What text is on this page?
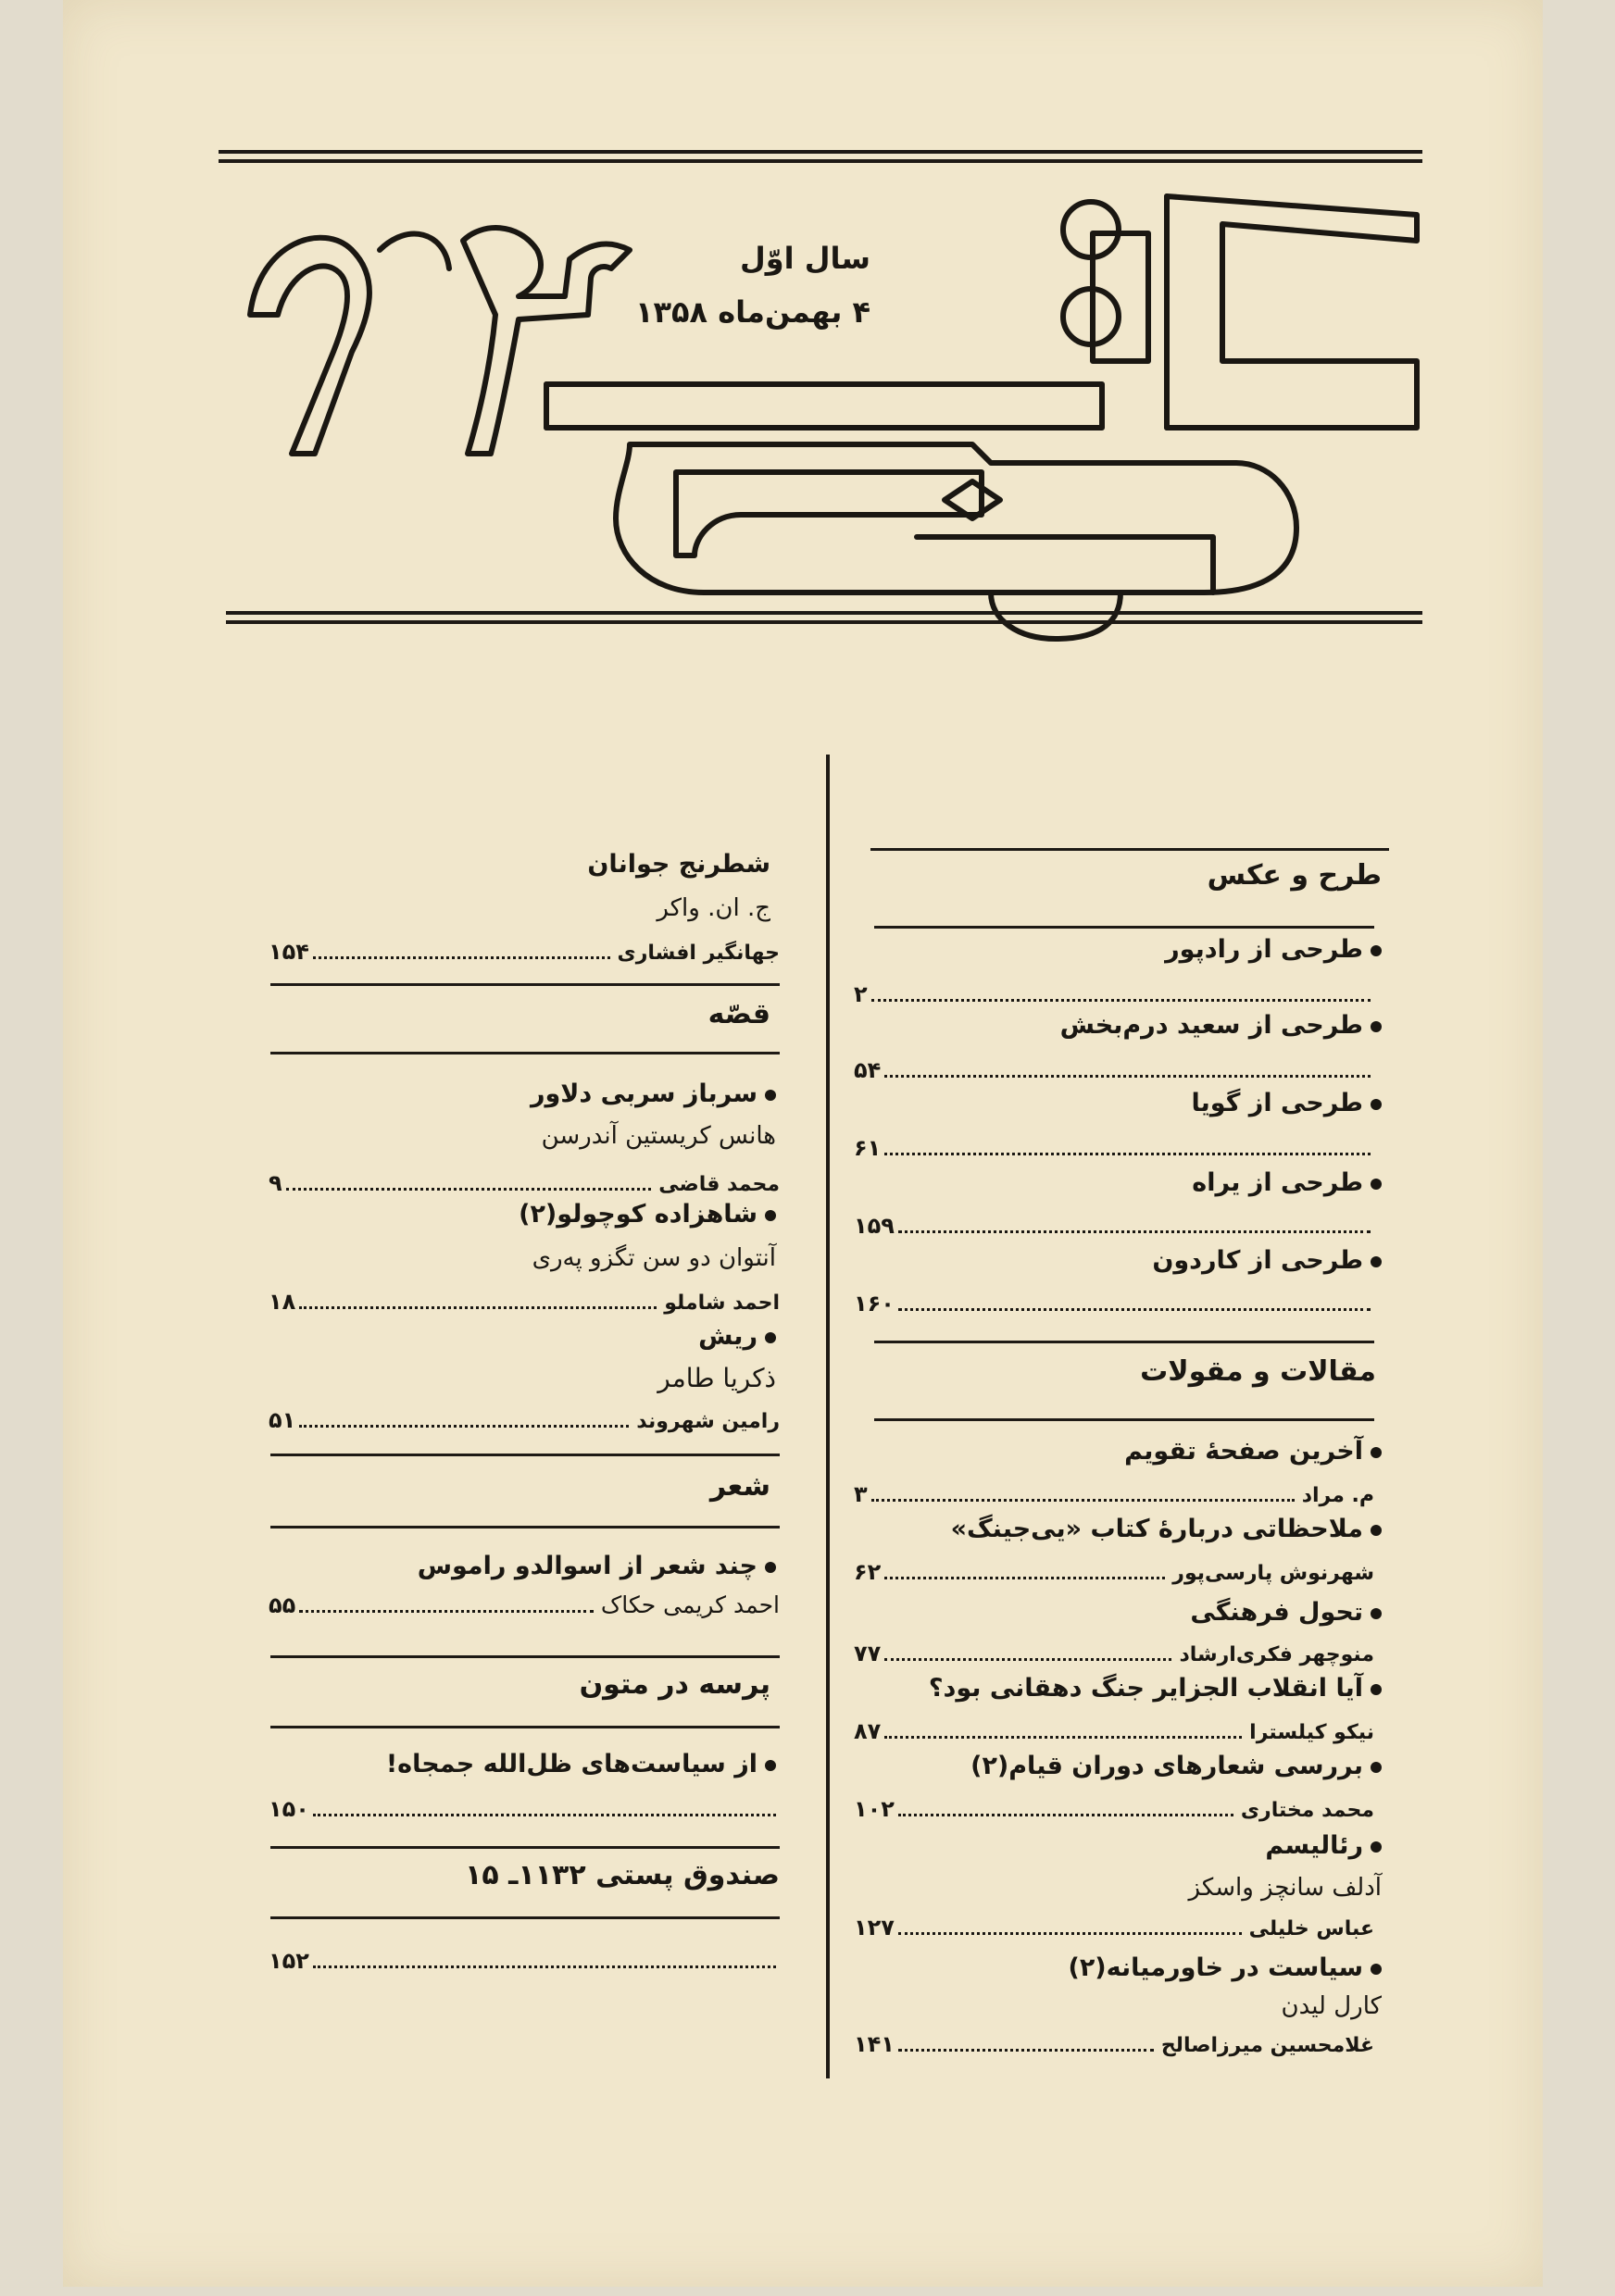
سال اوّل
۴ بهمن‌ماه ۱۳۵۸
طرح و عکس
طرحی از رادپور
۲
طرحی از سعید درم‌بخش
۵۴
طرحی از گویا
۶۱
طرحی از یراه
۱۵۹
طرحی از کاردون
۱۶۰
مقالات و مقولات
آخرین صفحهٔ تقویم
۳	م. مراد
ملاحظاتی دربارهٔ کتاب «یی‌جینگ»
۶۲	شهرنوش پارسی‌پور
تحول فرهنگی
۷۷	منوچهر فکری‌ارشاد
آیا انقلاب الجزایر جنگ دهقانی بود؟
۸۷	نیکو کیلسترا
بررسی شعارهای دوران قیام(۲)
۱۰۲	محمد مختاری
رئالیسم
آدلف سانچز واسکز
۱۲۷	عباس خلیلی
سیاست در خاورمیانه(۲)
کارل لیدن
۱۴۱	غلامحسین میرزاصالح
شطرنج جوانان
ج. ان. واکر
۱۵۴	جهانگیر افشاری
قصّه
سرباز سربی دلاور
هانس کریستین آندرسن
۹	محمد قاضی
شاهزاده کوچولو(۲)
آنتوان دو سن تگزو پەری
۱۸	احمد شاملو
ریش
ذکریا طامر
۵۱	رامین شهروند
شعر
چند شعر از اسوالدو راموس
۵۵	احمد کریمی حکاک
پرسه در متون
از سیاست‌های ظل‌الله جمجاه!
۱۵۰
صندوق پستی ۱۱۳۲ـ ۱۵
۱۵۲
